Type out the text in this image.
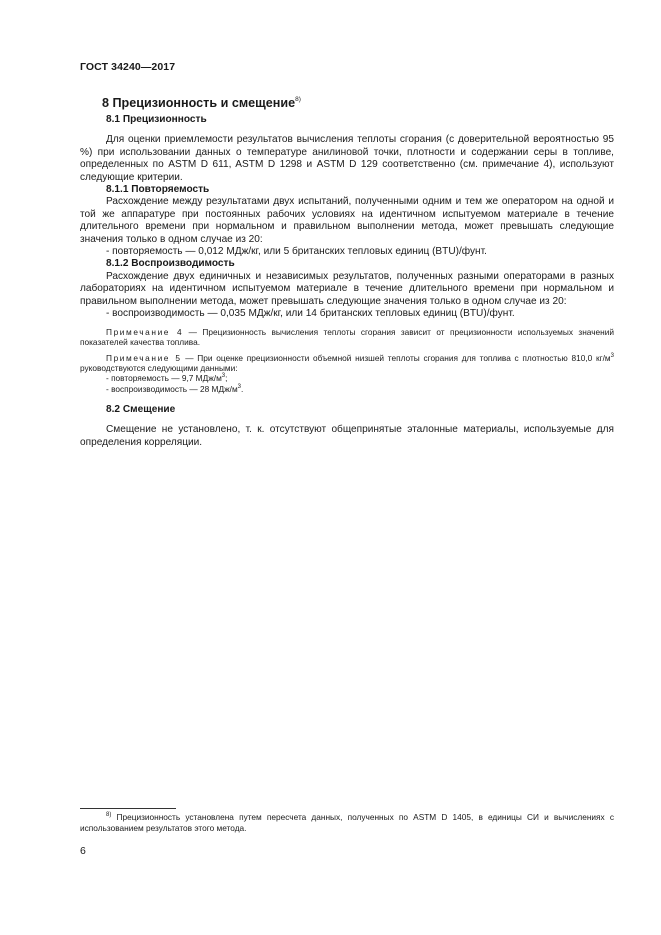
ГОСТ 34240—2017
8 Прецизионность и смещение$^{8)}$
8.1 Прецизионность

Для оценки приемлемости результатов вычисления теплоты сгорания (с доверительной вероятностью 95 %) при использовании данных о температуре анилиновой точки, плотности и содержании серы в топливе, определенных по ASTM D 611, ASTM D 1298 и ASTM D 129 соответственно (см. примечание 4), используют следующие критерии.

8.1.1 Повторяемость

Расхождение между результатами двух испытаний, полученными одним и тем же оператором на одной и той же аппаратуре при постоянных рабочих условиях на идентичном испытуемом материале в течение длительного времени при нормальном и правильном выполнении метода, может превышать следующие значения только в одном случае из 20:

- повторяемость — 0,012 МДж/кг, или 5 британских тепловых единиц (BTU)/фунт.
8.1.2 Воспроизводимость

Расхождение двух единичных и независимых результатов, полученных разными операторами в разных лабораториях на идентичном испытуемом материале в течение длительного времени при нормальном и правильном выполнении метода, может превышать следующие значения только в одном случае из 20:

- воспроизводимость — 0,035 МДж/кг, или 14 британских тепловых единиц (BTU)/фунт.

Примечание 4 — Прецизионность вычисления теплоты сгорания зависит от прецизионности используемых значений показателей качества топлива.

Примечание 5 — При оценке прецизионности объемной низшей теплоты сгорания для топлива с плотностью 810,0 $кг/м^3$ руководствуются следующими данными:

- повторяемость — 9,7 МДж/$м^3$;
- воспроизводимость — 28 МДж/$м^3$.
8.2 Смещение

Смещение не установлено, т. к. отсутствуют общепринятые эталонные материалы, используемые для определения корреляции.

$^{8)}$ Прецизионность установлена путем пересчета данных, полученных по ASTM D 1405, в единицы СИ и вычислениях с использованием результатов этого метода.
6
